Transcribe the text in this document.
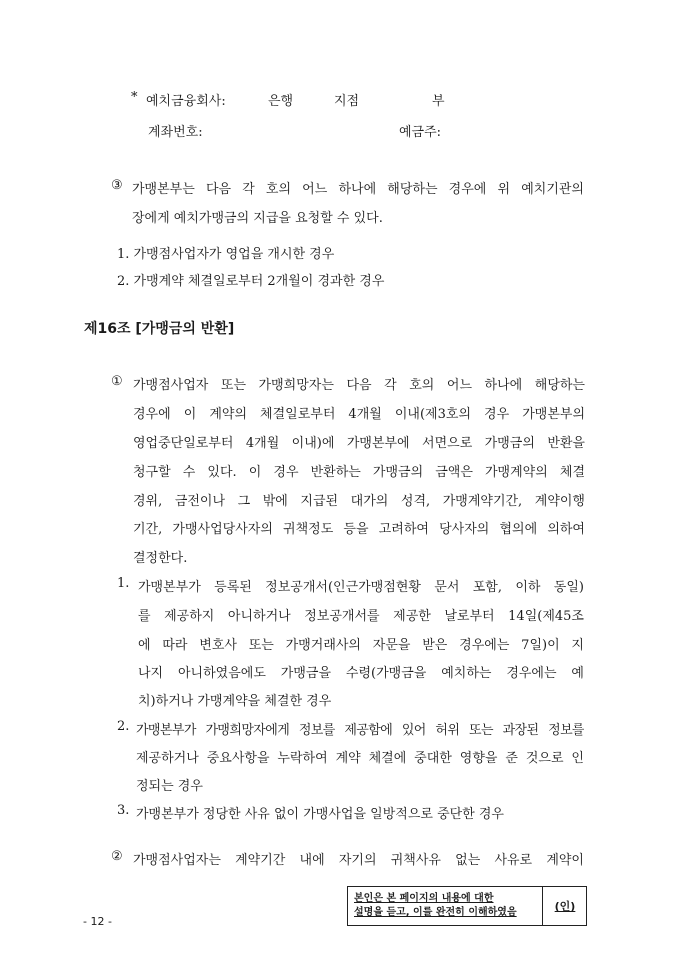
* 예치금융회사:	은행	지점	부
계좌번호:	예금주:
③ 가맹본부는 다음 각 호의 어느 하나에 해당하는 경우에 위 예치기관의
장에게 예치가맹금의 지급을 요청할 수 있다.
1. 가맹점사업자가 영업을 개시한 경우
2. 가맹계약 체결일로부터 2개월이 경과한 경우
제16조 [가맹금의 반환]
① 가맹점사업자 또는 가맹희망자는 다음 각 호의 어느 하나에 해당하는
경우에 이 계약의 체결일로부터 4개월 이내(제3호의 경우 가맹본부의
영업중단일로부터 4개월 이내)에 가맹본부에 서면으로 가맹금의 반환을
청구할 수 있다. 이 경우 반환하는 가맹금의 금액은 가맹계약의 체결
경위, 금전이나 그 밖에 지급된 대가의 성격, 가맹계약기간, 계약이행
기간, 가맹사업당사자의 귀책정도 등을 고려하여 당사자의 협의에 의하여
결정한다.
1. 가맹본부가 등록된 정보공개서(인근가맹점현황 문서 포함, 이하 동일)
를 제공하지 아니하거나 정보공개서를 제공한 날로부터 14일(제45조
에 따라 변호사 또는 가맹거래사의 자문을 받은 경우에는 7일)이 지
나지 아니하였음에도 가맹금을 수령(가맹금을 예치하는 경우에는 예
치)하거나 가맹계약을 체결한 경우
2. 가맹본부가 가맹희망자에게 정보를 제공함에 있어 허위 또는 과장된 정보를
제공하거나 중요사항을 누락하여 계약 체결에 중대한 영향을 준 것으로 인
정되는 경우
3. 가맹본부가 정당한 사유 없이 가맹사업을 일방적으로 중단한 경우
② 가맹점사업자는 계약기간 내에 자기의 귀책사유 없는 사유로 계약이
본인은 본 페이지의 내용에 대한
설명을 듣고, 이를 완전히 이해하였음	(인)
- 12 -
